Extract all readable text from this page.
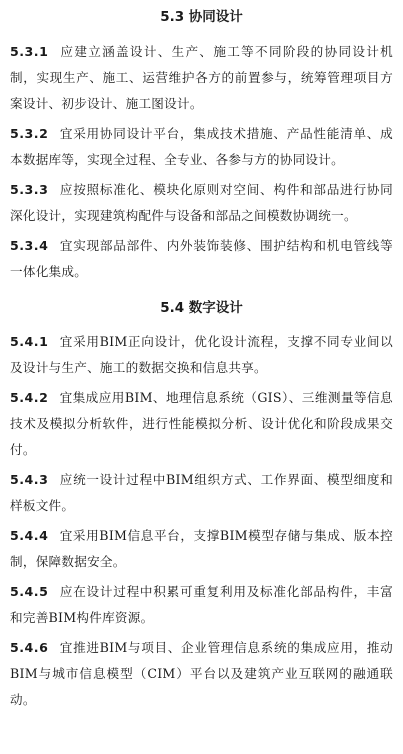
5.3 协同设计

5.3.1 应建立涵盖设计、生产、施工等不同阶段的协同设计机制，实现生产、施工、运营维护各方的前置参与，统筹管理项目方案设计、初步设计、施工图设计。

5.3.2 宜采用协同设计平台，集成技术措施、产品性能清单、成本数据库等，实现全过程、全专业、各参与方的协同设计。

5.3.3 应按照标准化、模块化原则对空间、构件和部品进行协同深化设计，实现建筑构配件与设备和部品之间模数协调统一。

5.3.4 宜实现部品部件、内外装饰装修、围护结构和机电管线等一体化集成。

5.4 数字设计

5.4.1 宜采用BIM正向设计，优化设计流程，支撑不同专业间以及设计与生产、施工的数据交换和信息共享。

5.4.2 宜集成应用BIM、地理信息系统（GIS）、三维测量等信息技术及模拟分析软件，进行性能模拟分析、设计优化和阶段成果交付。

5.4.3 应统一设计过程中BIM组织方式、工作界面、模型细度和样板文件。

5.4.4 宜采用BIM信息平台，支撑BIM模型存储与集成、版本控制，保障数据安全。

5.4.5 应在设计过程中积累可重复利用及标准化部品构件，丰富和完善BIM构件库资源。

5.4.6 宜推进BIM与项目、企业管理信息系统的集成应用，推动BIM与城市信息模型（CIM）平台以及建筑产业互联网的融通联动。
